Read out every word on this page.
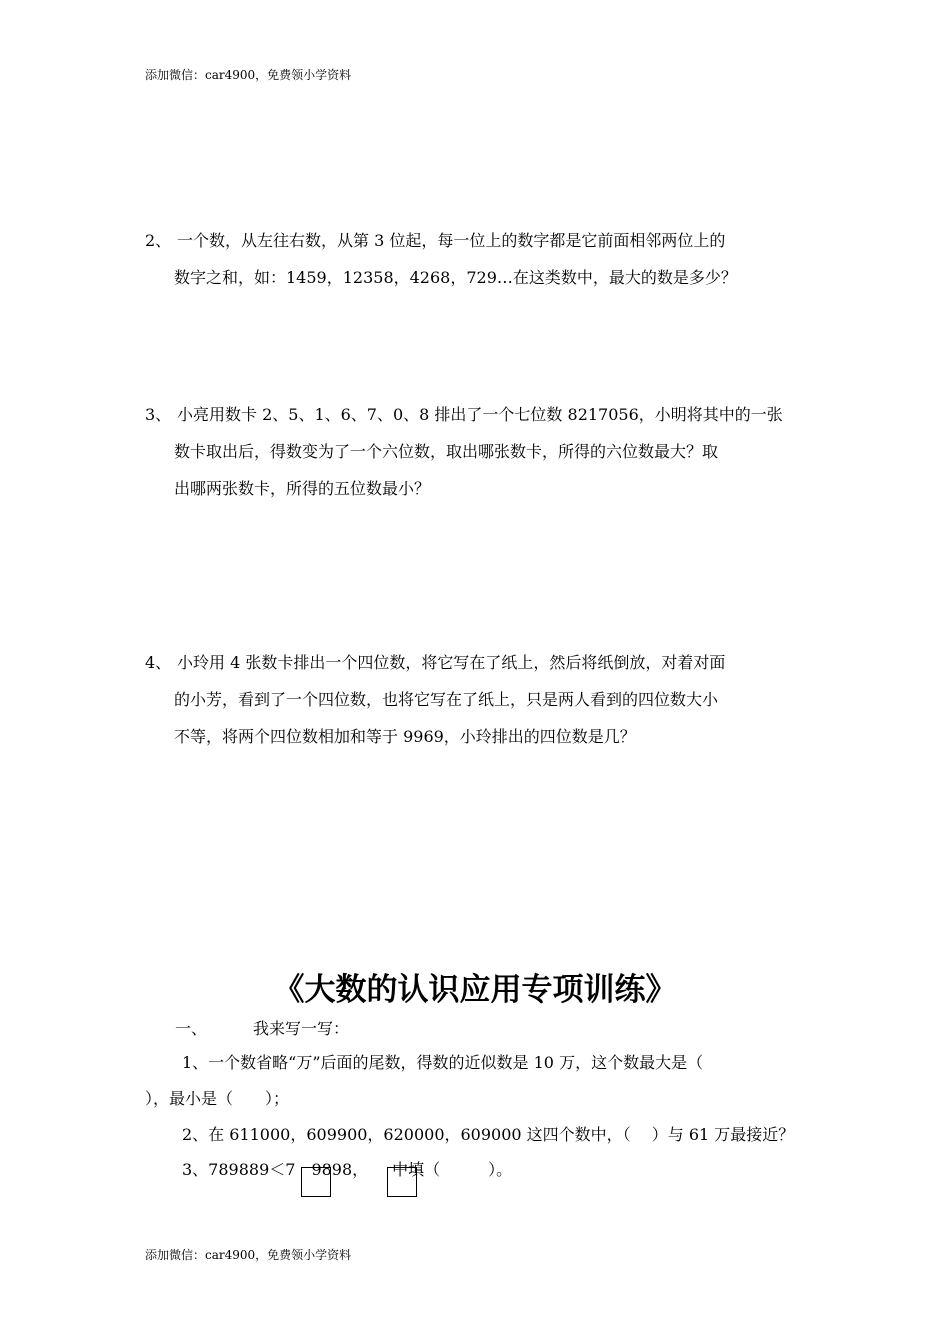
添加微信：car4900，免费领小学资料
2、 一个数，从左往右数，从第 3 位起，每一位上的数字都是它前面相邻两位上的
数字之和，如：1459，12358，4268，729…在这类数中，最大的数是多少？
3、 小亮用数卡 2、5、1、6、7、0、8 排出了一个七位数 8217056，小明将其中的一张
数卡取出后，得数变为了一个六位数，取出哪张数卡，所得的六位数最大？取
出哪两张数卡，所得的五位数最小？
4、 小玲用 4 张数卡排出一个四位数，将它写在了纸上，然后将纸倒放，对着对面
的小芳，看到了一个四位数，也将它写在了纸上，只是两人看到的四位数大小
不等，将两个四位数相加和等于 9969，小玲排出的四位数是几？
《大数的认识应用专项训练》
一、	我来写一写：
1、一个数省略“万”后面的尾数，得数的近似数是 10 万，这个数最大是（
），最小是（　　）；
2、在 611000，609900，620000，609000 这四个数中，（　 ）与 61 万最接近？
3、789889＜7　9898，　　中填（　　　）。
添加微信：car4900，免费领小学资料
